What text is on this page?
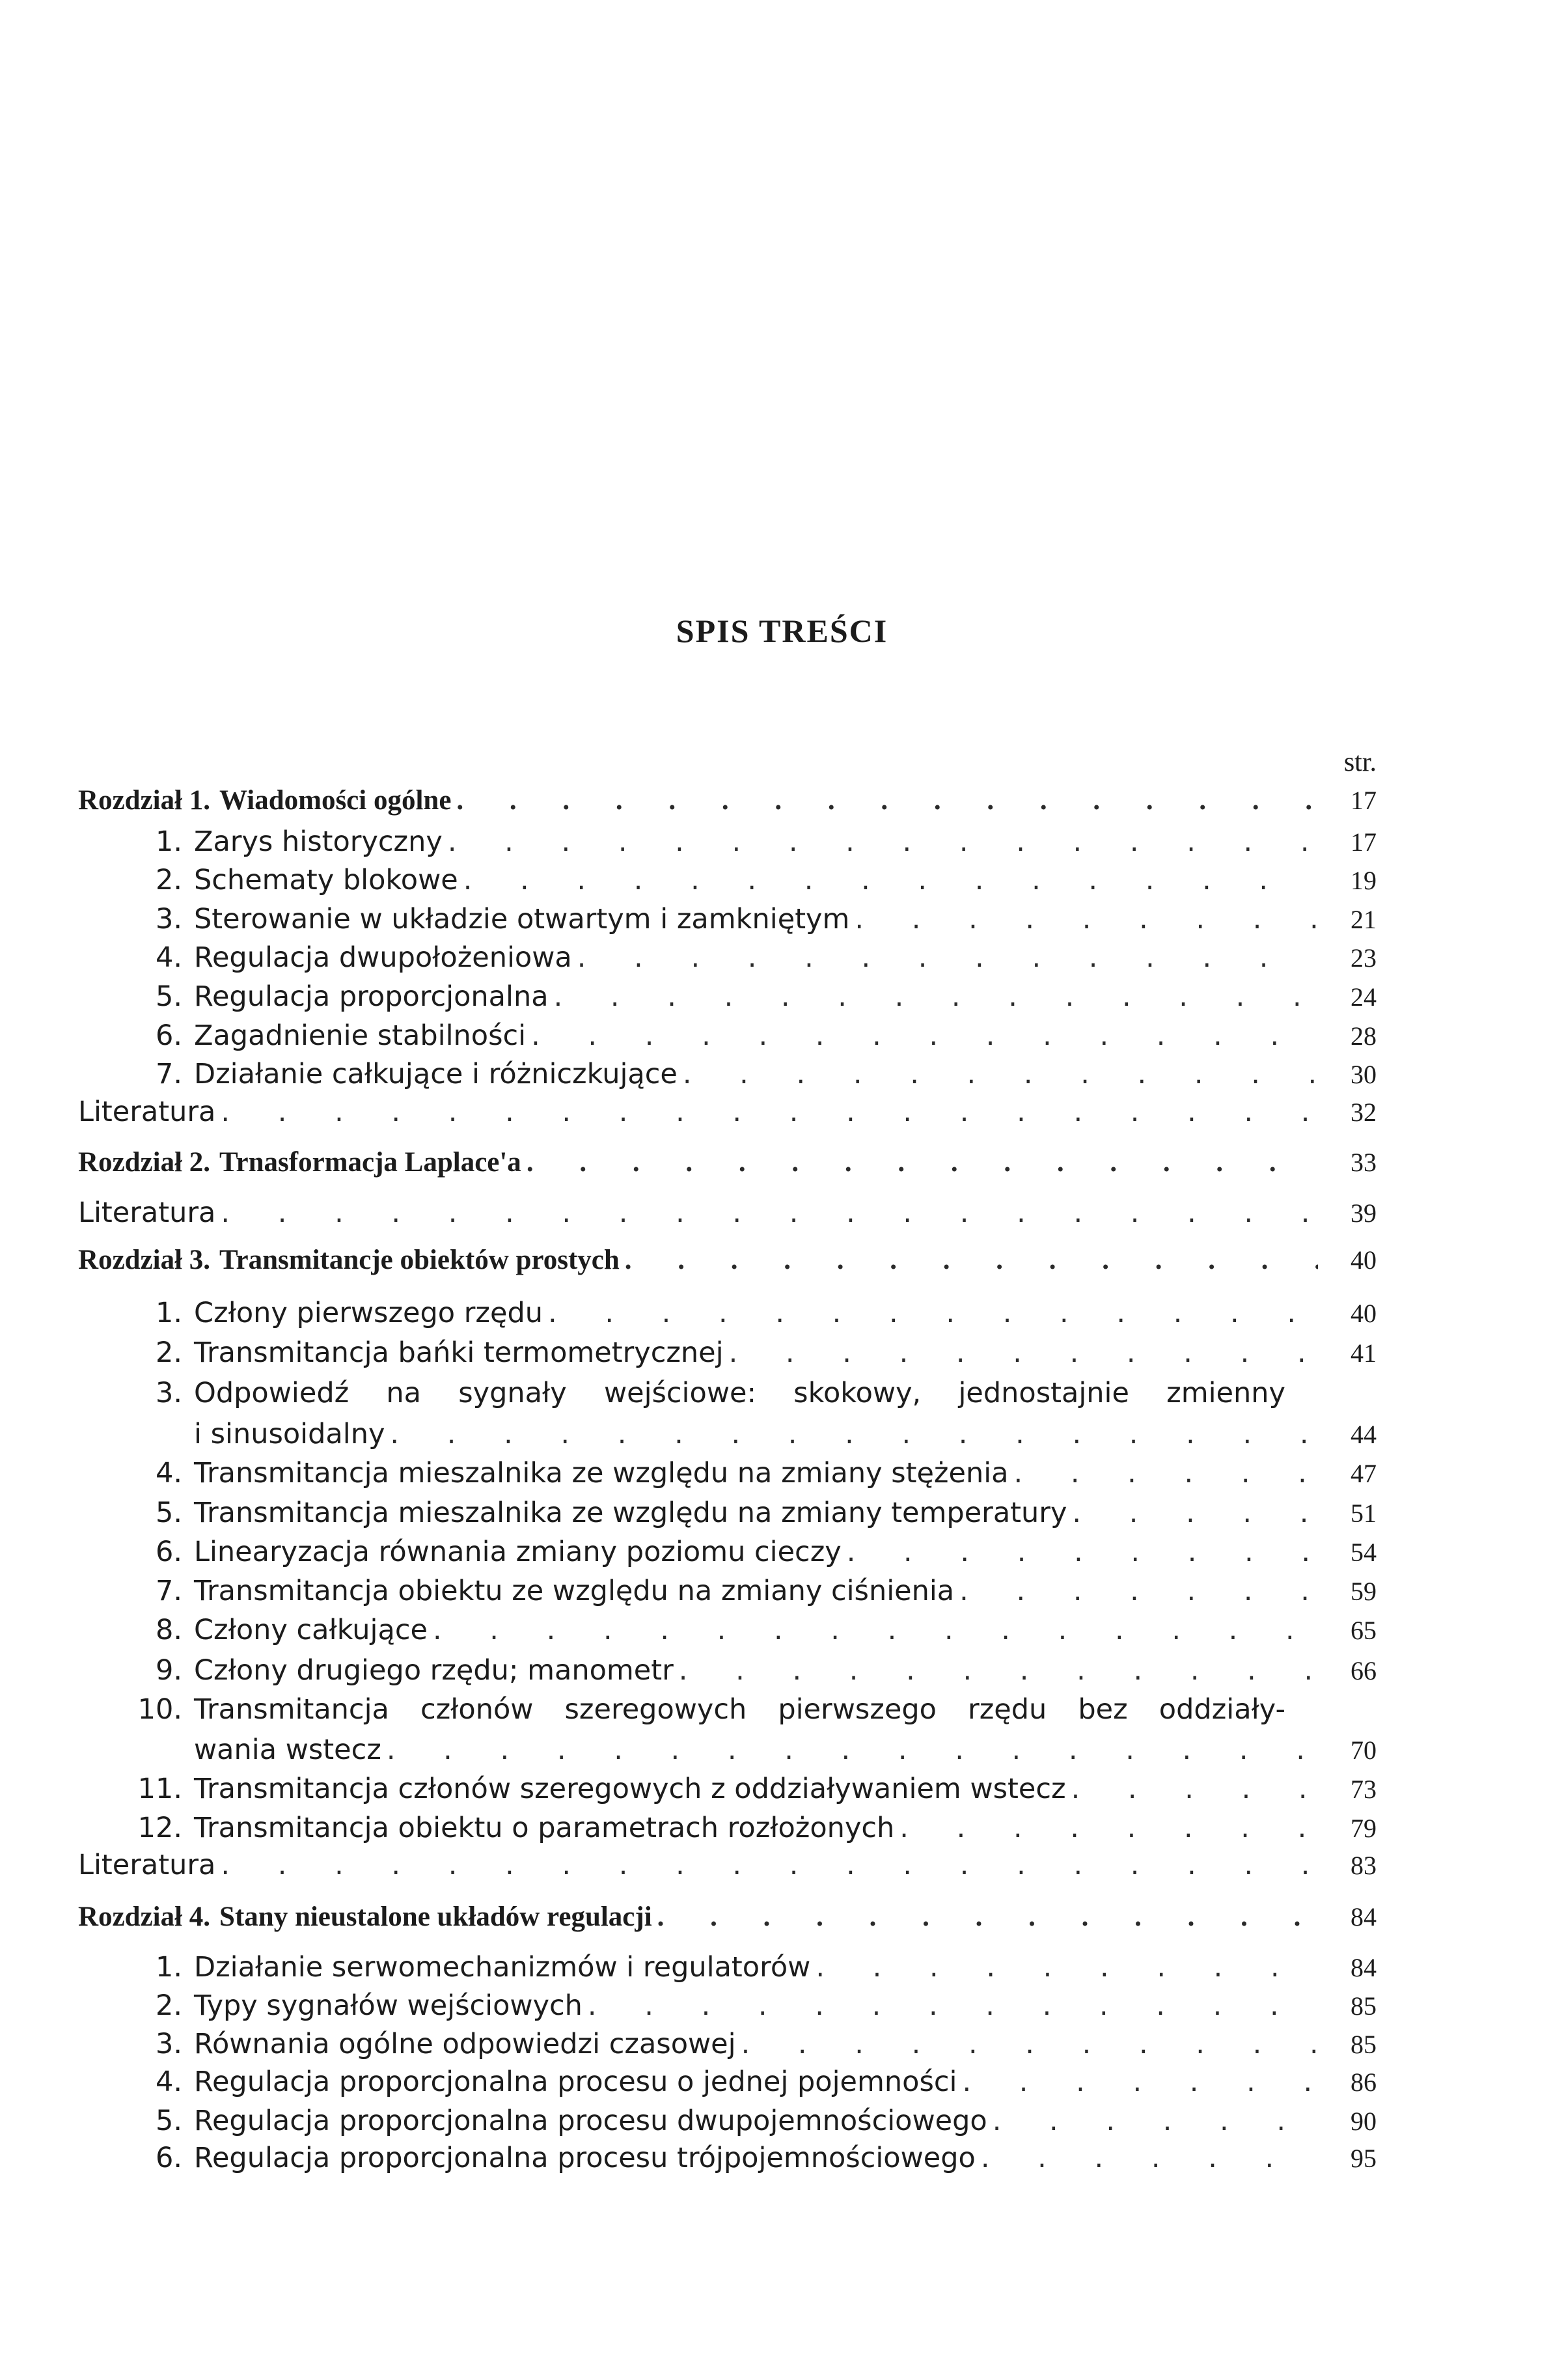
SPIS TREŚCI
str.
Rozdział 1. Wiadomości ogólne . . .	17
1. Zarys historyczny . . .	17
2. Schematy blokowe . . .	19
3. Sterowanie w układzie otwartym i zamkniętym . . .	21
4. Regulacja dwupołożeniowa . . .	23
5. Regulacja proporcjonalna . . .	24
6. Zagadnienie stabilności . . .	28
7. Działanie całkujące i różniczkujące . . .	30
Literatura . . .	32
Rozdział 2. Trnasformacja Laplace'a . . .	33
Literatura . . .	39
Rozdział 3. Transmitancje obiektów prostych . . .	40
1. Człony pierwszego rzędu . . .	40
2. Transmitancja bańki termometrycznej . . .	41
3. Odpowiedź na sygnały wejściowe: skokowy, jednostajnie zmienny
i sinusoidalny . . .	44
4. Transmitancja mieszalnika ze względu na zmiany stężenia . . .	47
5. Transmitancja mieszalnika ze względu na zmiany temperatury . . .	51
6. Linearyzacja równania zmiany poziomu cieczy . . .	54
7. Transmitancja obiektu ze względu na zmiany ciśnienia . . .	59
8. Człony całkujące . . .	65
9. Człony drugiego rzędu; manometr . . .	66
10. Transmitancja członów szeregowych pierwszego rzędu bez oddziały-
wania wstecz . . .	70
11. Transmitancja członów szeregowych z oddziaływaniem wstecz . . .	73
12. Transmitancja obiektu o parametrach rozłożonych . . .	79
Literatura . . .	83
Rozdział 4. Stany nieustalone układów regulacji . . .	84
1. Działanie serwomechanizmów i regulatorów . . .	84
2. Typy sygnałów wejściowych . . .	85
3. Równania ogólne odpowiedzi czasowej . . .	85
4. Regulacja proporcjonalna procesu o jednej pojemności . . .	86
5. Regulacja proporcjonalna procesu dwupojemnościowego . . .	90
6. Regulacja proporcjonalna procesu trójpojemnościowego . . .	95
